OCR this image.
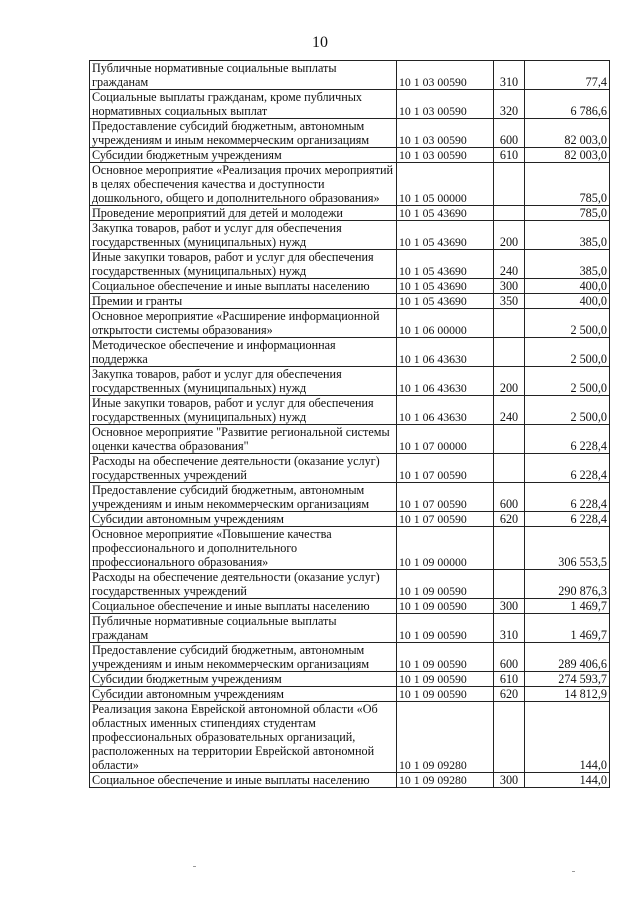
10
Публичные нормативные социальные выплаты гражданам	10 1 03 00590	310	77,4
Социальные выплаты гражданам, кроме публичных нормативных социальных выплат	10 1 03 00590	320	6 786,6
Предоставление субсидий бюджетным, автономным учреждениям и иным некоммерческим организациям	10 1 03 00590	600	82 003,0
Субсидии бюджетным учреждениям	10 1 03 00590	610	82 003,0
Основное мероприятие «Реализация прочих мероприятий в целях обеспечения качества и доступности дошкольного, общего и дополнительного образования»	10 1 05 00000		785,0
Проведение мероприятий для детей и молодежи	10 1 05 43690		785,0
Закупка товаров, работ и услуг для обеспечения государственных (муниципальных) нужд	10 1 05 43690	200	385,0
Иные закупки товаров, работ и услуг для обеспечения государственных (муниципальных) нужд	10 1 05 43690	240	385,0
Социальное обеспечение и иные выплаты населению	10 1 05 43690	300	400,0
Премии и гранты	10 1 05 43690	350	400,0
Основное мероприятие «Расширение информационной открытости системы образования»	10 1 06 00000		2 500,0
Методическое обеспечение и информационная поддержка	10 1 06 43630		2 500,0
Закупка товаров, работ и услуг для обеспечения государственных (муниципальных) нужд	10 1 06 43630	200	2 500,0
Иные закупки товаров, работ и услуг для обеспечения государственных (муниципальных) нужд	10 1 06 43630	240	2 500,0
Основное мероприятие "Развитие региональной системы оценки качества образования"	10 1 07 00000		6 228,4
Расходы на обеспечение деятельности (оказание услуг) государственных учреждений	10 1 07 00590		6 228,4
Предоставление субсидий бюджетным, автономным учреждениям и иным некоммерческим организациям	10 1 07 00590	600	6 228,4
Субсидии автономным учреждениям	10 1 07 00590	620	6 228,4
Основное мероприятие «Повышение качества профессионального и дополнительного профессионального образования»	10 1 09 00000		306 553,5
Расходы на обеспечение деятельности (оказание услуг) государственных учреждений	10 1 09 00590		290 876,3
Социальное обеспечение и иные выплаты населению	10 1 09 00590	300	1 469,7
Публичные нормативные социальные выплаты гражданам	10 1 09 00590	310	1 469,7
Предоставление субсидий бюджетным, автономным учреждениям и иным некоммерческим организациям	10 1 09 00590	600	289 406,6
Субсидии бюджетным учреждениям	10 1 09 00590	610	274 593,7
Субсидии автономным учреждениям	10 1 09 00590	620	14 812,9
Реализация закона Еврейской автономной области «Об областных именных стипендиях студентам профессиональных образовательных организаций, расположенных на территории Еврейской автономной области»	10 1 09 09280		144,0
Социальное обеспечение и иные выплаты населению	10 1 09 09280	300	144,0
